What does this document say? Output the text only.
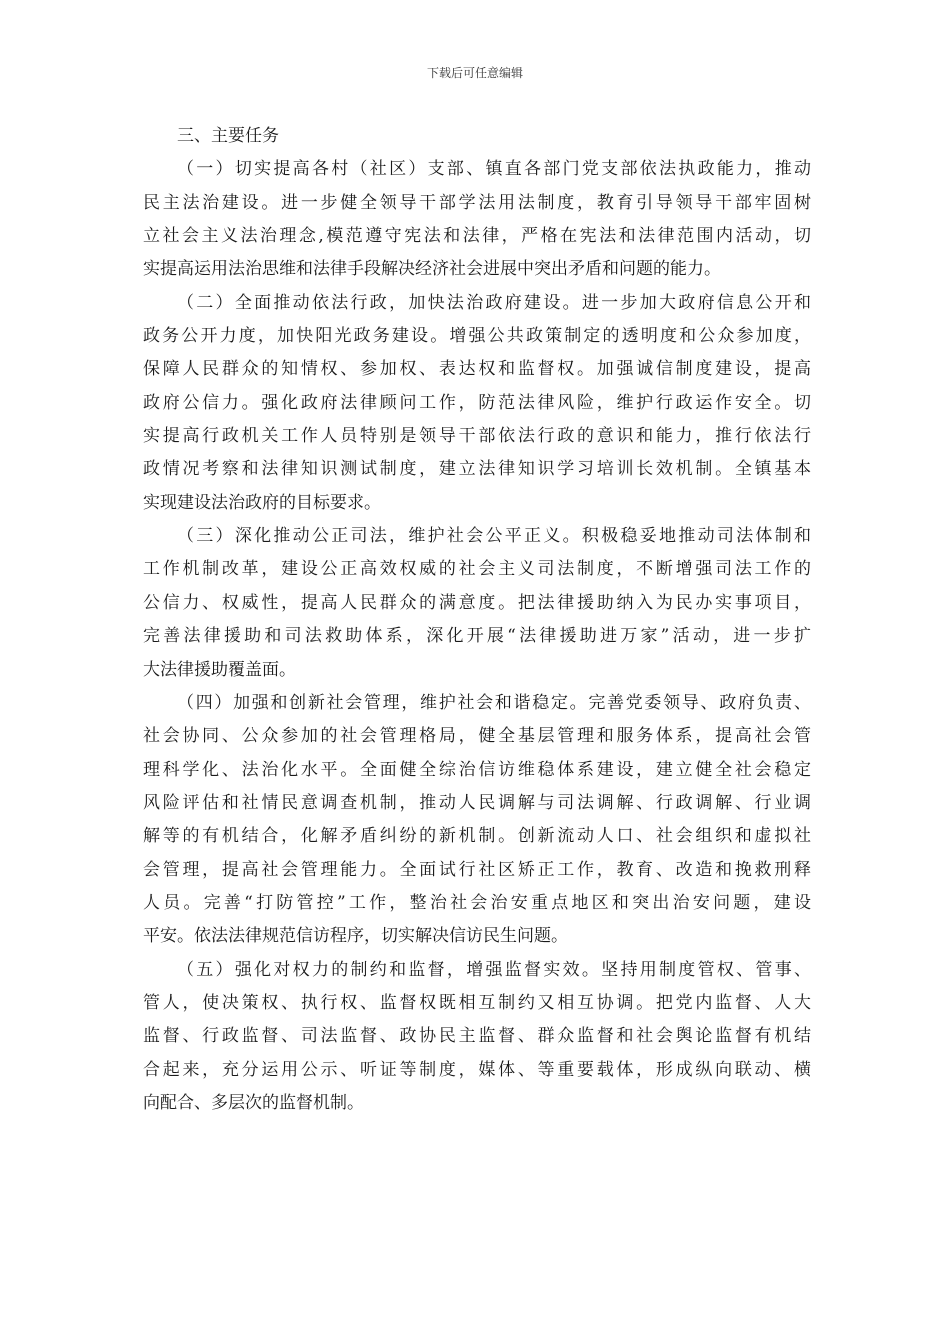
下载后可任意编辑
三、主要任务
（一）切实提高各村（社区）支部、镇直各部门党支部依法执政能力，推动
民主法治建设。进一步健全领导干部学法用法制度，教育引导领导干部牢固树
立社会主义法治理念,模范遵守宪法和法律，严格在宪法和法律范围内活动，切
实提高运用法治思维和法律手段解决经济社会进展中突出矛盾和问题的能力。
（二）全面推动依法行政，加快法治政府建设。进一步加大政府信息公开和
政务公开力度，加快阳光政务建设。增强公共政策制定的透明度和公众参加度，
保障人民群众的知情权、参加权、表达权和监督权。加强诚信制度建设，提高
政府公信力。强化政府法律顾问工作，防范法律风险，维护行政运作安全。切
实提高行政机关工作人员特别是领导干部依法行政的意识和能力，推行依法行
政情况考察和法律知识测试制度，建立法律知识学习培训长效机制。全镇基本
实现建设法治政府的目标要求。
（三）深化推动公正司法，维护社会公平正义。积极稳妥地推动司法体制和
工作机制改革，建设公正高效权威的社会主义司法制度，不断增强司法工作的
公信力、权威性，提高人民群众的满意度。把法律援助纳入为民办实事项目，
完善法律援助和司法救助体系，深化开展“法律援助进万家”活动，进一步扩
大法律援助覆盖面。
（四）加强和创新社会管理，维护社会和谐稳定。完善党委领导、政府负责、
社会协同、公众参加的社会管理格局，健全基层管理和服务体系，提高社会管
理科学化、法治化水平。全面健全综治信访维稳体系建设，建立健全社会稳定
风险评估和社情民意调查机制，推动人民调解与司法调解、行政调解、行业调
解等的有机结合，化解矛盾纠纷的新机制。创新流动人口、社会组织和虚拟社
会管理，提高社会管理能力。全面试行社区矫正工作，教育、改造和挽救刑释
人员。完善“打防管控”工作，整治社会治安重点地区和突出治安问题，建设
平安。依法法律规范信访程序，切实解决信访民生问题。
（五）强化对权力的制约和监督，增强监督实效。坚持用制度管权、管事、
管人，使决策权、执行权、监督权既相互制约又相互协调。把党内监督、人大
监督、行政监督、司法监督、政协民主监督、群众监督和社会舆论监督有机结
合起来，充分运用公示、听证等制度，媒体、等重要载体，形成纵向联动、横
向配合、多层次的监督机制。
